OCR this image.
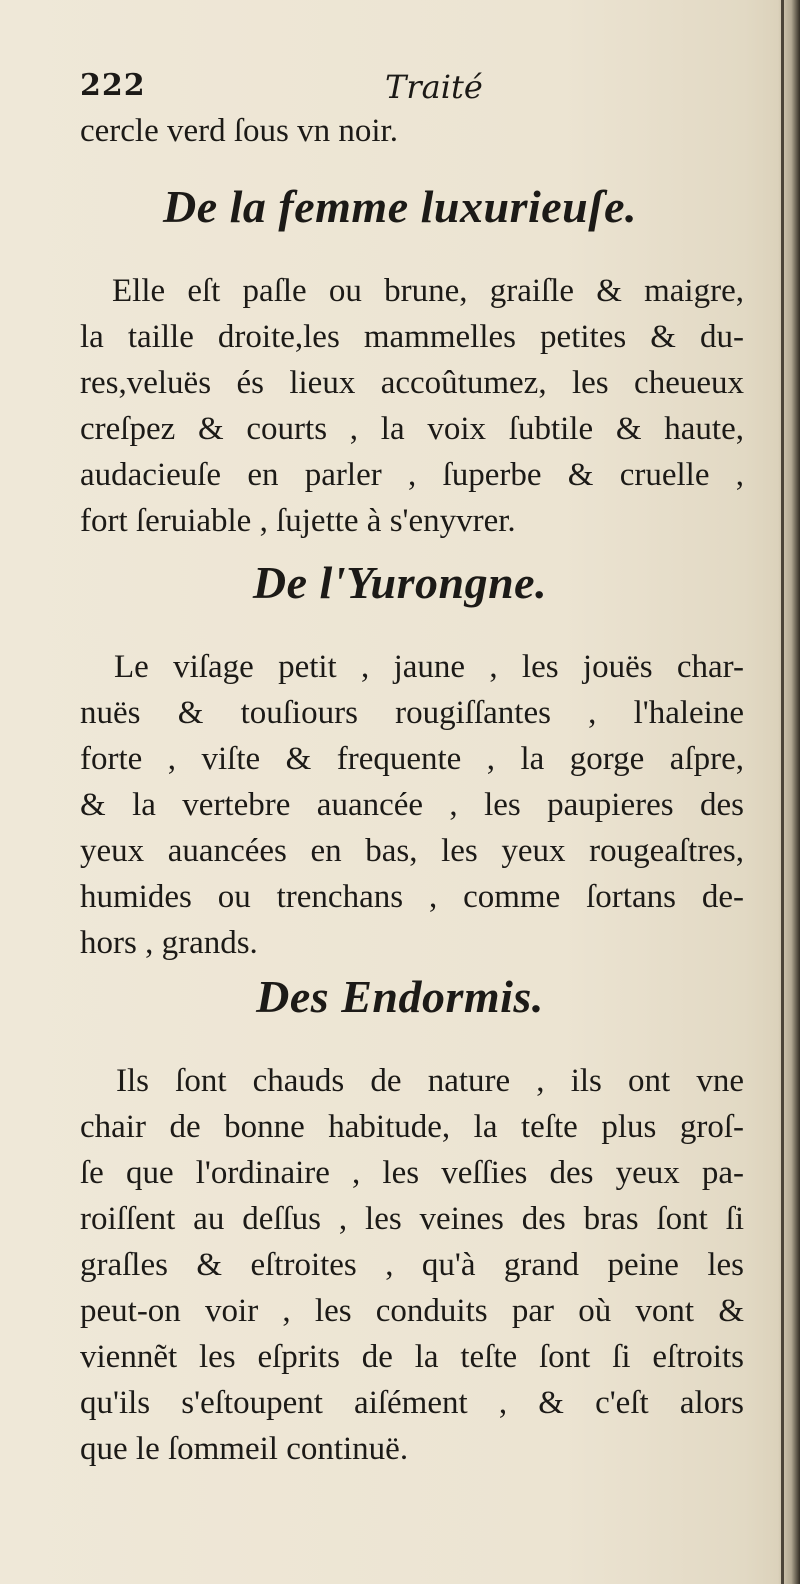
222	Traité
cercle verd ſous vn noir.
De la femme luxurieuſe.
Elle eſt paſle ou brune, graiſle & maigre,
la taille droite,les mammelles petites & du-
res,veluës és lieux accoûtumez, les cheueux
creſpez & courts , la voix ſubtile & haute,
audacieuſe en parler , ſuperbe & cruelle ,
fort ſeruiable , ſujette à s'enyvrer.
De l'Yurongne.
Le viſage petit , jaune , les jouës char-
nuës & touſiours rougiſſantes , l'haleine
forte , viſte & frequente , la gorge aſpre,
& la vertebre auancée , les paupieres des
yeux auancées en bas, les yeux rougeaſtres,
humides ou trenchans , comme ſortans de-
hors , grands.
Des Endormis.
Ils ſont chauds de nature , ils ont vne
chair de bonne habitude, la teſte plus groſ-
ſe que l'ordinaire , les veſſies des yeux pa-
roiſſent au deſſus , les veines des bras ſont ſi
graſles & eſtroites , qu'à grand peine les
peut-on voir , les conduits par où vont &
viennẽt les eſprits de la teſte ſont ſi eſtroits
qu'ils s'eſtoupent aiſément , & c'eſt alors
que le ſommeil continuë.
